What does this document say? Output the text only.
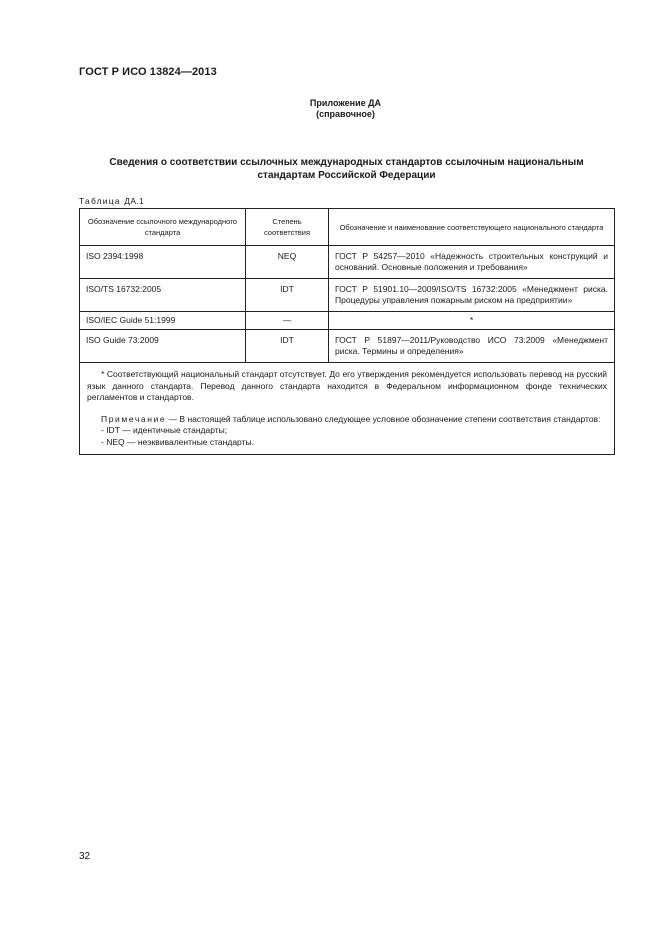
ГОСТ Р ИСО 13824—2013
Приложение ДА
(справочное)
Сведения о соответствии ссылочных международных стандартов ссылочным национальным
стандартам Российской Федерации
Таблица ДА.1
Обозначение ссылочного международного стандарта	Степень соответствия	Обозначение и наименование соответствующего национального стандарта
ISO 2394:1998	NEQ	ГОСТ Р 54257—2010 «Надежность строительных конструкций и оснований. Основные положения и требования»
ISO/TS 16732:2005	IDT	ГОСТ Р 51901.10—2009/ISO/TS 16732:2005 «Менеджмент риска. Процедуры управления пожарным риском на предприятии»
ISO/IEC Guide 51:1999	—	*
ISO Guide 73:2009	IDT	ГОСТ Р 51897—2011/Руководство ИСО 73:2009 «Менеджмент риска. Термины и определения»

* Соответствующий национальный стандарт отсутствует. До его утверждения рекомендуется использовать перевод на русский язык данного стандарта. Перевод данного стандарта находится в Федеральном информационном фонде технических регламентов и стандартов.

Примечание — В настоящей таблице использовано следующее условное обозначение степени соответствия стандартов:

- IDT — идентичные стандарты;
- NEQ — неэквивалентные стандарты.		
32
